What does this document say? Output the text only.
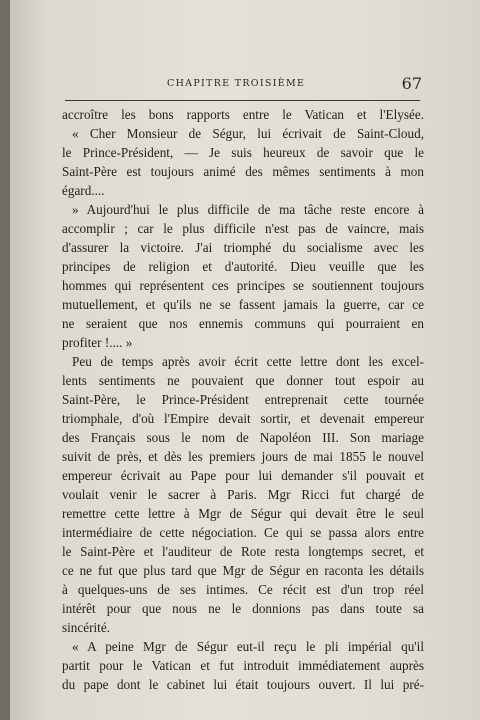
CHAPITRE TROISIÈME	67
accroître les bons rapports entre le Vatican et l'Elysée.
« Cher Monsieur de Ségur, lui écrivait de Saint-Cloud,
le Prince-Président, — Je suis heureux de savoir que le
Saint-Père est toujours animé des mêmes sentiments à mon
égard....
» Aujourd'hui le plus difficile de ma tâche reste encore à
accomplir ; car le plus difficile n'est pas de vaincre, mais
d'assurer la victoire. J'ai triomphé du socialisme avec les
principes de religion et d'autorité. Dieu veuille que les
hommes qui représentent ces principes se soutiennent toujours
mutuellement, et qu'ils ne se fassent jamais la guerre, car ce
ne seraient que nos ennemis communs qui pourraient en
profiter !.... »
Peu de temps après avoir écrit cette lettre dont les excel-
lents sentiments ne pouvaient que donner tout espoir au
Saint-Père, le Prince-Président entreprenait cette tournée
triomphale, d'où l'Empire devait sortir, et devenait empereur
des Français sous le nom de Napoléon III. Son mariage
suivit de près, et dès les premiers jours de mai 1855 le nouvel
empereur écrivait au Pape pour lui demander s'il pouvait et
voulait venir le sacrer à Paris. Mgr Ricci fut chargé de
remettre cette lettre à Mgr de Ségur qui devait être le seul
intermédiaire de cette négociation. Ce qui se passa alors entre
le Saint-Père et l'auditeur de Rote resta longtemps secret, et
ce ne fut que plus tard que Mgr de Ségur en raconta les détails
à quelques-uns de ses intimes. Ce récit est d'un trop réel
intérêt pour que nous ne le donnions pas dans toute sa
sincérité.
« A peine Mgr de Ségur eut-il reçu le pli impérial qu'il
partit pour le Vatican et fut introduit immédiatement auprès
du pape dont le cabinet lui était toujours ouvert. Il lui pré-
